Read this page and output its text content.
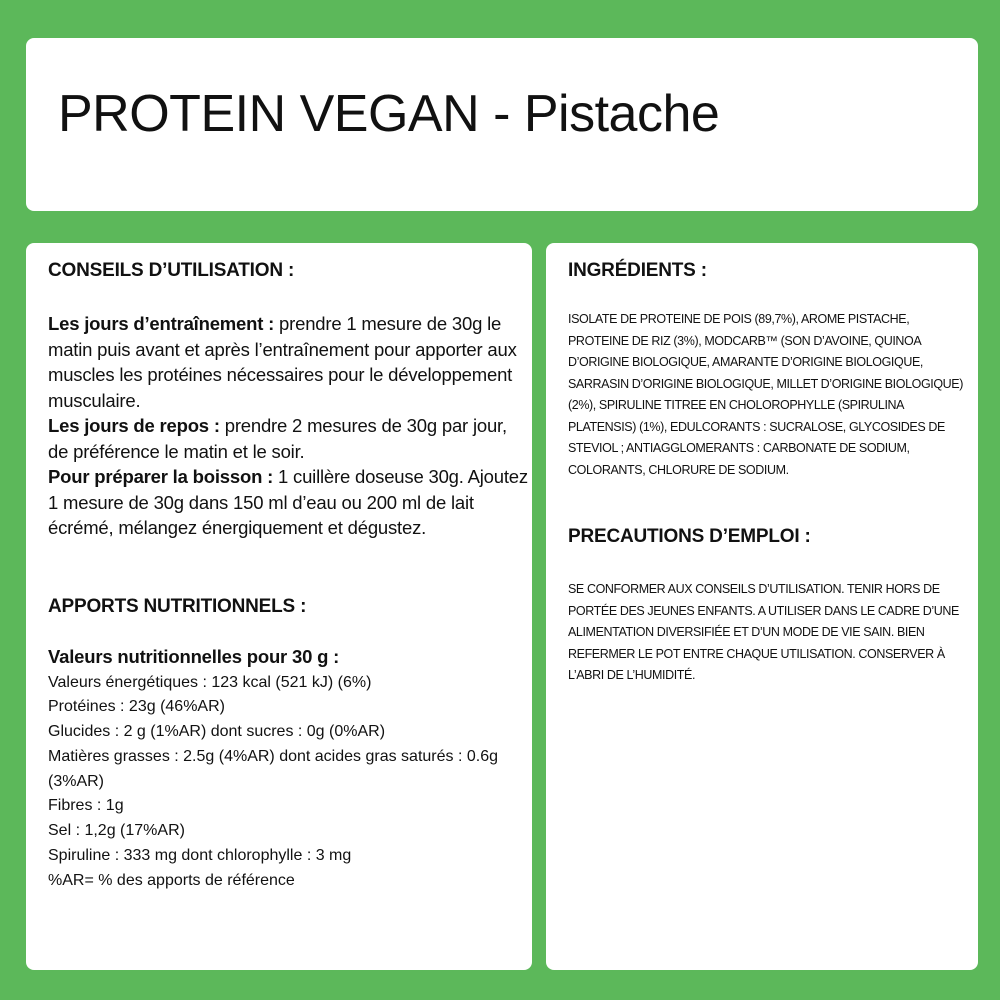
PROTEIN VEGAN - Pistache
CONSEILS D’UTILISATION :

Les jours d’entraînement : prendre 1 mesure de 30g le matin puis avant et après l’entraînement pour apporter aux muscles les protéines nécessaires pour le développement musculaire.

Les jours de repos : prendre 2 mesures de 30g par jour, de préférence le matin et le soir.

Pour préparer la boisson : 1 cuillère doseuse 30g. Ajoutez 1 mesure de 30g dans 150 ml d’eau ou 200 ml de lait écrémé, mélangez énergiquement et dégustez.

APPORTS NUTRITIONNELS :
Valeurs nutritionnelles pour 30 g :
Valeurs énergétiques : 123 kcal (521 kJ) (6%)
Protéines : 23g (46%AR)
Glucides : 2 g (1%AR) dont sucres : 0g (0%AR)
Matières grasses : 2.5g (4%AR) dont acides gras saturés : 0.6g (3%AR)
Fibres : 1g
Sel : 1,2g (17%AR)
Spiruline : 333 mg dont chlorophylle : 3 mg
%AR= % des apports de référence
INGRÉDIENTS :

ISOLATE DE PROTEINE DE POIS (89,7%), AROME PISTACHE, PROTEINE DE RIZ (3%), MODCARB™ (SON D’AVOINE, QUINOA D’ORIGINE BIOLOGIQUE, AMARANTE D’ORIGINE BIOLOGIQUE, SARRASIN D’ORIGINE BIOLOGIQUE, MILLET D’ORIGINE BIOLOGIQUE)(2%), SPIRULINE TITREE EN CHOLOROPHYLLE (SPIRULINA PLATENSIS) (1%), EDULCORANTS : SUCRALOSE, GLYCOSIDES DE STEVIOL ; ANTIAGGLOMERANTS : CARBONATE DE SODIUM, COLORANTS, CHLORURE DE SODIUM.

PRECAUTIONS D’EMPLOI :

SE CONFORMER AUX CONSEILS D’UTILISATION. TENIR HORS DE PORTÉE DES JEUNES ENFANTS. A UTILISER DANS LE CADRE D’UNE ALIMENTATION DIVERSIFIÉE ET D’UN MODE DE VIE SAIN. BIEN REFERMER LE POT ENTRE CHAQUE UTILISATION. CONSERVER À L’ABRI DE L’HUMIDITÉ.
